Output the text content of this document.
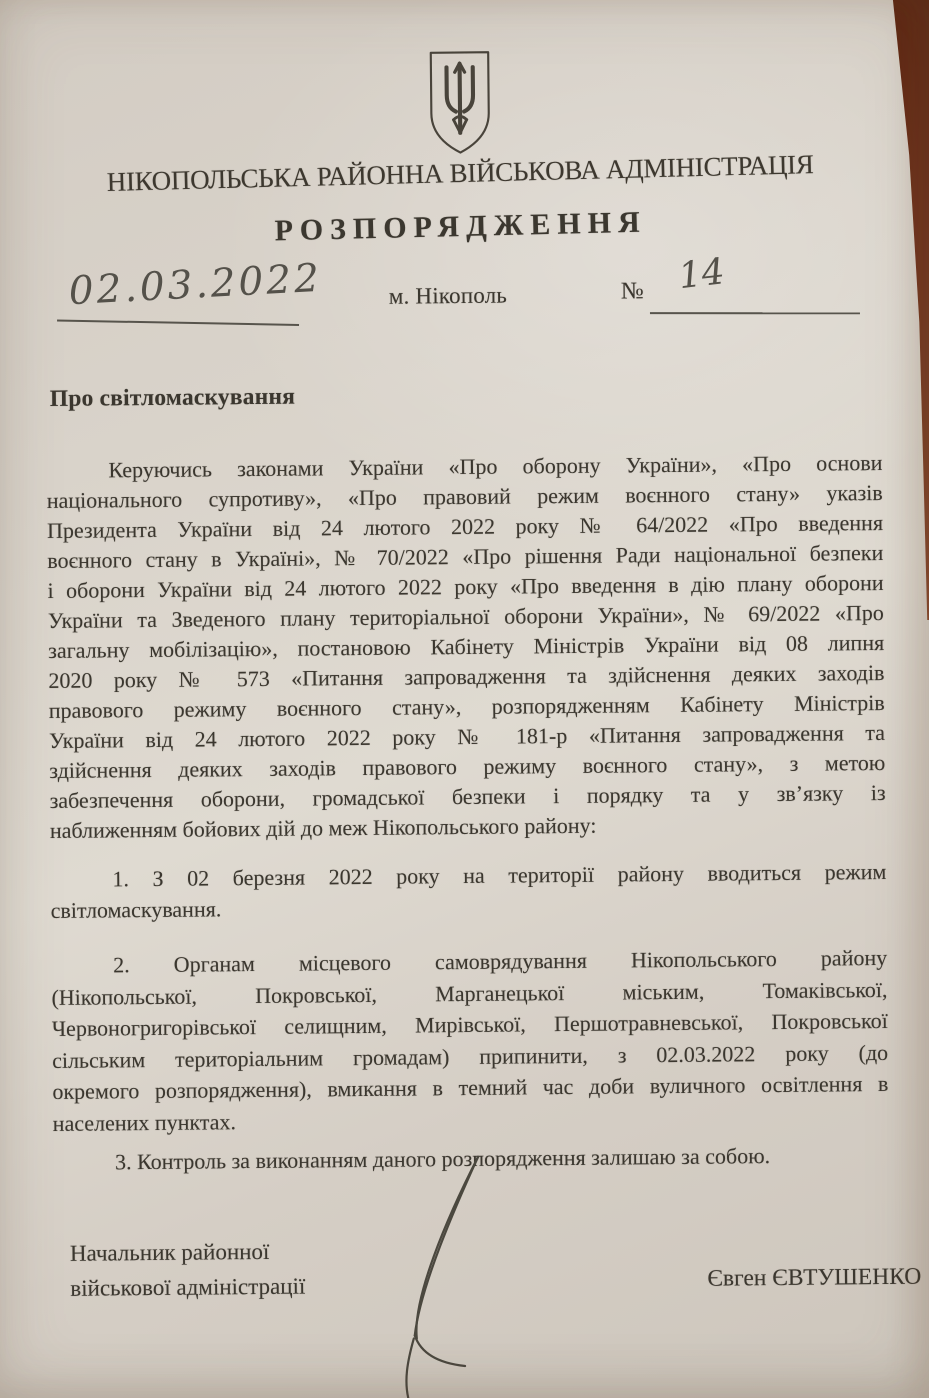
НІКОПОЛЬСЬКА РАЙОННА ВІЙСЬКОВА АДМІНІСТРАЦІЯ
РОЗПОРЯДЖЕННЯ
02.03.2022	м. Нікополь	№ 14
Про світломаскування
Керуючись законами України «Про оборону України», «Про основи
національного супротиву», «Про правовий режим воєнного стану» указів
Президента України від 24 лютого 2022 року № 64/2022 «Про введення
воєнного стану в Україні», № 70/2022 «Про рішення Ради національної безпеки
і оборони України від 24 лютого 2022 року «Про введення в дію плану оборони
України та Зведеного плану територіальної оборони України», № 69/2022 «Про
загальну мобілізацію», постановою Кабінету Міністрів України від 08 липня
2020 року № 573 «Питання запровадження та здійснення деяких заходів
правового режиму воєнного стану», розпорядженням Кабінету Міністрів
України від 24 лютого 2022 року № 181-р «Питання запровадження та
здійснення деяких заходів правового режиму воєнного стану», з метою
забезпечення оборони, громадської безпеки і порядку та у зв’язку із
наближенням бойових дій до меж Нікопольського району:
1. З 02 березня 2022 року на території району вводиться режим
світломаскування.
2. Органам місцевого самоврядування Нікопольського району
(Нікопольської, Покровської, Марганецької міським, Томаківської,
Червоногригорівської селищним, Мирівської, Першотравневської, Покровської
сільським територіальним громадам) припинити, з 02.03.2022 року (до
окремого розпорядження), вмикання в темний час доби вуличного освітлення в
населених пунктах.
3. Контроль за виконанням даного розпорядження залишаю за собою.
Начальник районної
військової адміністрації	Євген ЄВТУШЕНКО
